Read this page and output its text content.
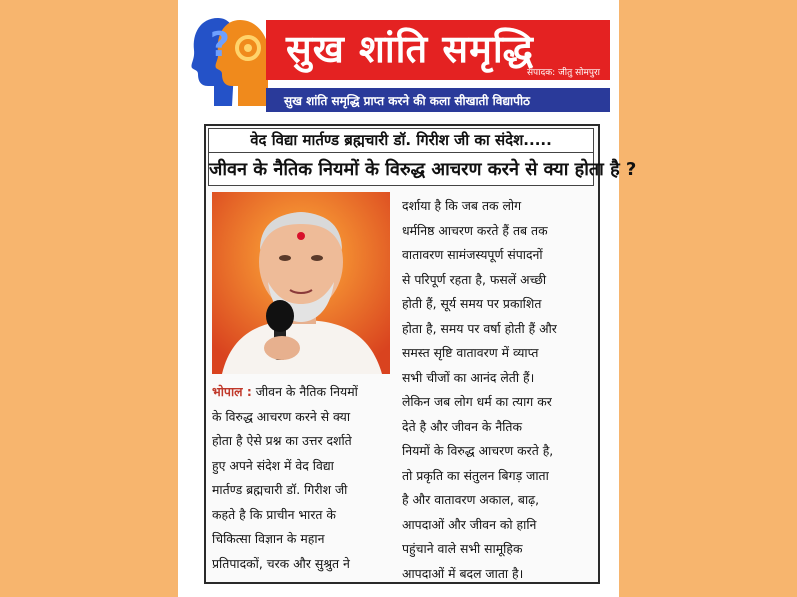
? सुख शांति समृद्धि
संपादक: जीतु सोमपुरा
सुख शांति समृद्धि प्राप्त करने की कला सीखाती विद्यापीठ
वेद विद्या मार्तण्ड ब्रह्मचारी डॉ. गिरीश जी का संदेश.....
जीवन के नैतिक नियमों के विरुद्ध आचरण करने से क्या होता है ?
भोपाल : जीवन के नैतिक नियमों
के विरुद्ध आचरण करने से क्या
होता है ऐसे प्रश्न का उत्तर दर्शाते
हुए अपने संदेश में वेद विद्या
मार्तण्ड ब्रह्मचारी डॉ. गिरीश जी
कहते है कि प्राचीन भारत के
चिकित्सा विज्ञान के महान
प्रतिपादकों, चरक और सुश्रुत ने
दर्शाया है कि जब तक लोग
धर्मनिष्ठ आचरण करते हैं तब तक
वातावरण सामंजस्यपूर्ण संपादनों
से परिपूर्ण रहता है, फसलें अच्छी
होती हैं, सूर्य समय पर प्रकाशित
होता है, समय पर वर्षा होती हैं और
समस्त सृष्टि वातावरण में व्याप्त
सभी चीजों का आनंद लेती हैं।
लेकिन जब लोग धर्म का त्याग कर
देते है और जीवन के नैतिक
नियमों के विरुद्ध आचरण करते है,
तो प्रकृति का संतुलन बिगड़ जाता
है और वातावरण अकाल, बाढ़,
आपदाओं और जीवन को हानि
पहुंचाने वाले सभी सामूहिक
आपदाओं में बदल जाता है।
